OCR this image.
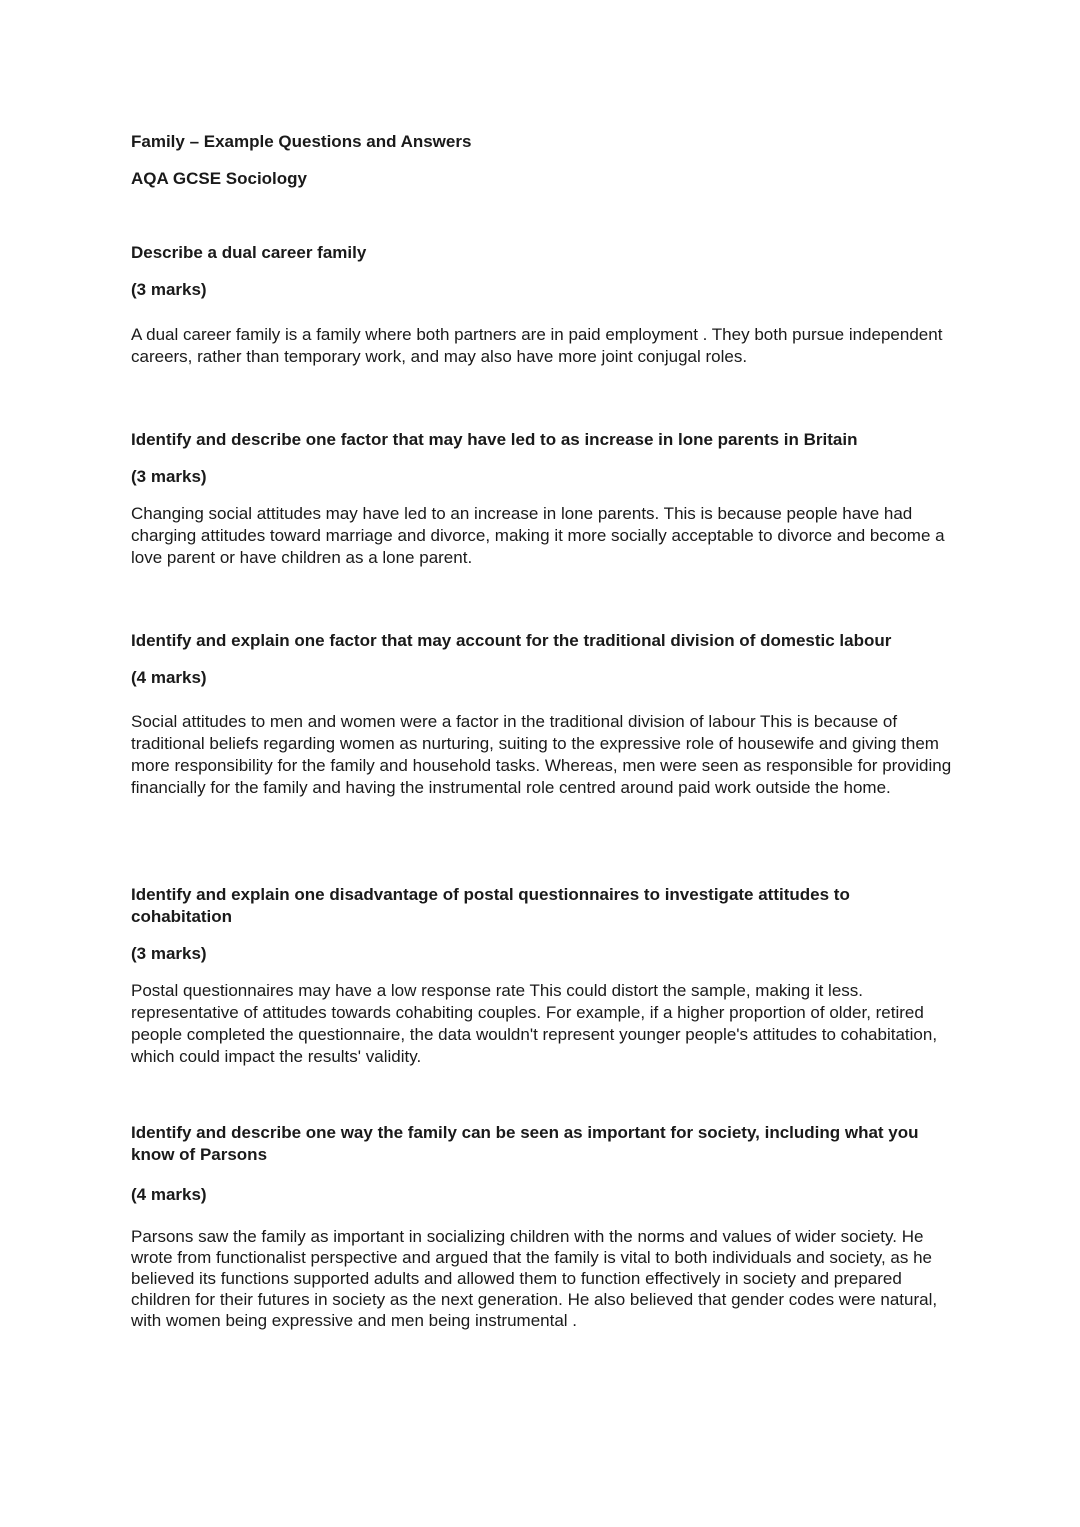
Family – Example Questions and Answers

AQA GCSE Sociology

Describe a dual career family

(3 marks)

A dual career family is a family where both partners are in paid employment . They both pursue independent careers, rather than temporary work, and may also have more joint conjugal roles.

Identify and describe one factor that may have led to as increase in lone parents in Britain

(3 marks)

Changing social attitudes may have led to an increase in lone parents. This is because people have had charging attitudes toward marriage and divorce, making it more socially acceptable to divorce and become a love parent or have children as a lone parent.

Identify and explain one factor that may account for the traditional division of domestic labour

(4 marks)

Social attitudes to men and women were a factor in the traditional division of labour This is because of traditional beliefs regarding women as nurturing, suiting to the expressive role of housewife and giving them more responsibility for the family and household tasks. Whereas, men were seen as responsible for providing financially for the family and having the instrumental role centred around paid work outside the home.

Identify and explain one disadvantage of postal questionnaires to investigate attitudes to cohabitation

(3 marks)

Postal questionnaires may have a low response rate This could distort the sample, making it less. representative of attitudes towards cohabiting couples. For example, if a higher proportion of older, retired people completed the questionnaire, the data wouldn't represent younger people's attitudes to cohabitation, which could impact the results' validity.

Identify and describe one way the family can be seen as important for society, including what you know of Parsons

(4 marks)

Parsons saw the family as important in socializing children with the norms and values of wider society. He wrote from functionalist perspective and argued that the family is vital to both individuals and society, as he believed its functions supported adults and allowed them to function effectively in society and prepared children for their futures in society as the next generation. He also believed that gender codes were natural, with women being expressive and men being instrumental .
